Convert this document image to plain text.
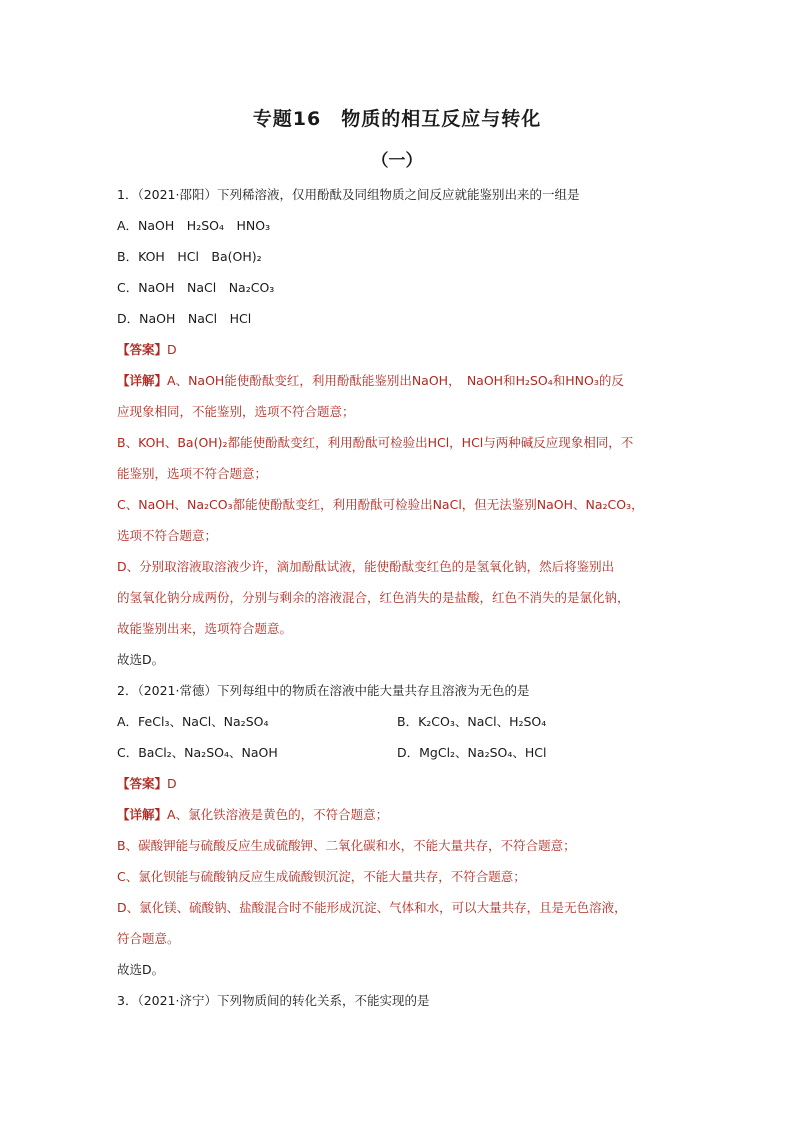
专题16　物质的相互反应与转化
（一）

1．（2021·邵阳）下列稀溶液，仅用酚酞及同组物质之间反应就能鉴别出来的一组是

A．NaOH　H₂SO₄　HNO₃

B．KOH　HCl　Ba(OH)₂

C．NaOH　NaCl　Na₂CO₃

D．NaOH　NaCl　HCl

【答案】D

【详解】A、NaOH能使酚酞变红，利用酚酞能鉴别出NaOH，　NaOH和H₂SO₄和HNO₃的反

应现象相同，不能鉴别，选项不符合题意；

B、KOH、Ba(OH)₂都能使酚酞变红，利用酚酞可检验出HCl，HCl与两种碱反应现象相同，不

能鉴别，选项不符合题意；

C、NaOH、Na₂CO₃都能使酚酞变红，利用酚酞可检验出NaCl，但无法鉴别NaOH、Na₂CO₃，

选项不符合题意；

D、分别取溶液取溶液少许，滴加酚酞试液，能使酚酞变红色的是氢氧化钠，然后将鉴别出

的氢氧化钠分成两份，分别与剩余的溶液混合，红色消失的是盐酸，红色不消失的是氯化钠，

故能鉴别出来，选项符合题意。

故选D。

2．（2021·常德）下列每组中的物质在溶液中能大量共存且溶液为无色的是

A．FeCl₃、NaCl、Na₂SO₄	B．K₂CO₃、NaCl、H₂SO₄

C．BaCl₂、Na₂SO₄、NaOH	D．MgCl₂、Na₂SO₄、HCl

【答案】D

【详解】A、氯化铁溶液是黄色的，不符合题意；

B、碳酸钾能与硫酸反应生成硫酸钾、二氧化碳和水，不能大量共存，不符合题意；

C、氯化钡能与硫酸钠反应生成硫酸钡沉淀，不能大量共存，不符合题意；

D、氯化镁、硫酸钠、盐酸混合时不能形成沉淀、气体和水，可以大量共存，且是无色溶液，

符合题意。

故选D。

3．（2021·济宁）下列物质间的转化关系，不能实现的是
